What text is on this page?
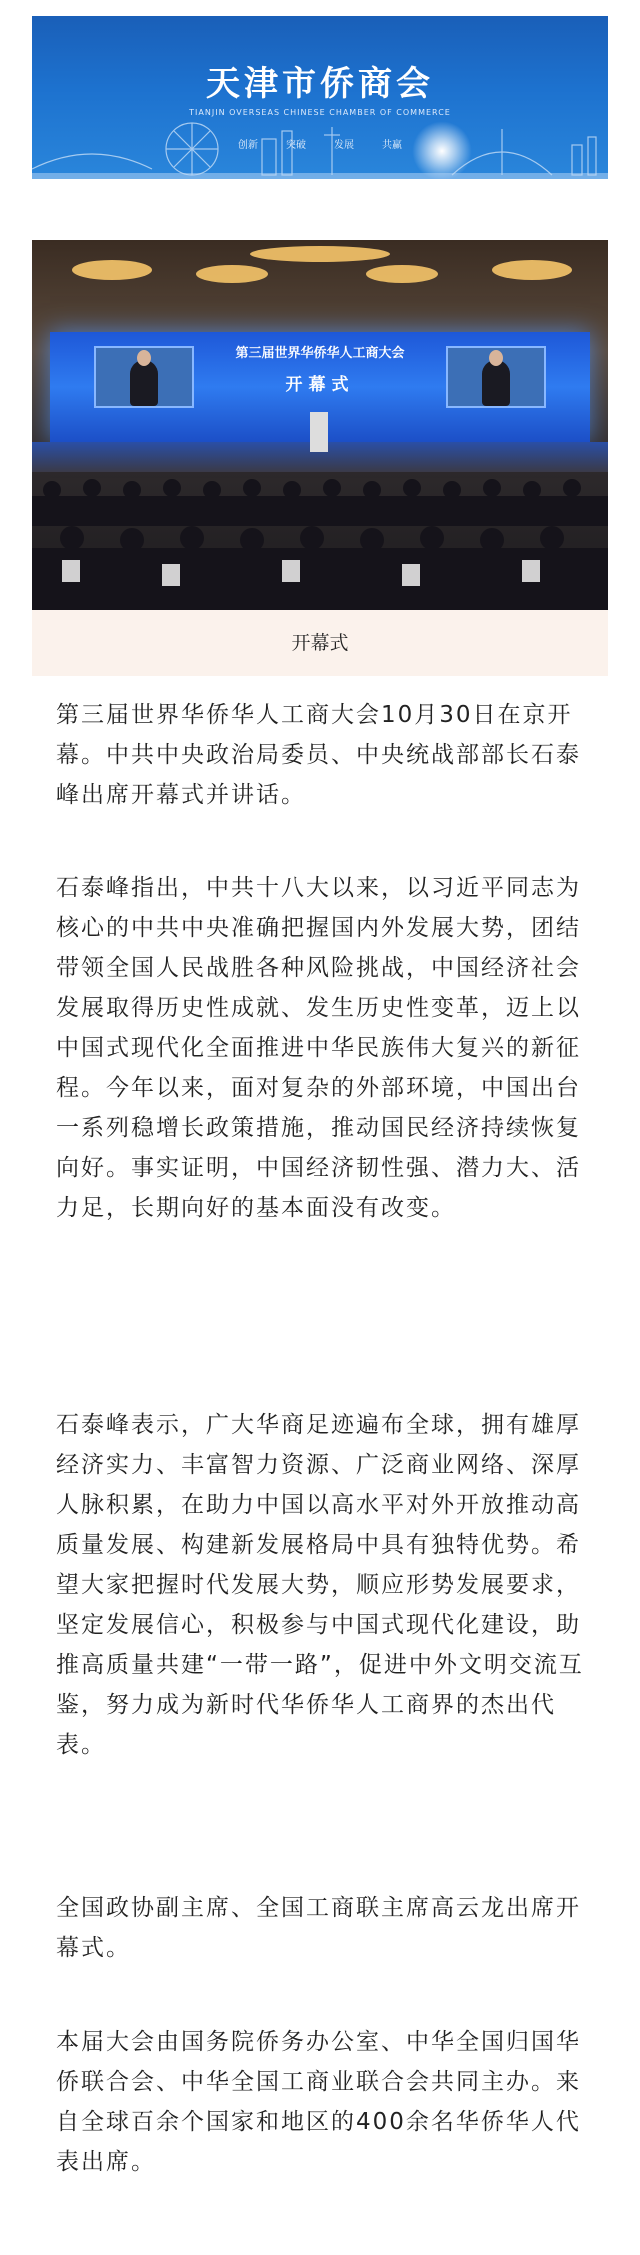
天津市侨商会
TIANJIN OVERSEAS CHINESE CHAMBER OF COMMERCE
创新	突破	发展	共赢
第三届世界华侨华人工商大会
开幕式
开幕式

第三届世界华侨华人工商大会10月30日在京开幕。中共中央政治局委员、中央统战部部长石泰峰出席开幕式并讲话。

石泰峰指出，中共十八大以来，以习近平同志为核心的中共中央准确把握国内外发展大势，团结带领全国人民战胜各种风险挑战，中国经济社会发展取得历史性成就、发生历史性变革，迈上以中国式现代化全面推进中华民族伟大复兴的新征程。今年以来，面对复杂的外部环境，中国出台一系列稳增长政策措施，推动国民经济持续恢复向好。事实证明，中国经济韧性强、潜力大、活力足，长期向好的基本面没有改变。

石泰峰表示，广大华商足迹遍布全球，拥有雄厚经济实力、丰富智力资源、广泛商业网络、深厚人脉积累，在助力中国以高水平对外开放推动高质量发展、构建新发展格局中具有独特优势。希望大家把握时代发展大势，顺应形势发展要求，坚定发展信心，积极参与中国式现代化建设，助推高质量共建“一带一路”，促进中外文明交流互鉴，努力成为新时代华侨华人工商界的杰出代表。

全国政协副主席、全国工商联主席高云龙出席开幕式。

本届大会由国务院侨务办公室、中华全国归国华侨联合会、中华全国工商业联合会共同主办。来自全球百余个国家和地区的400余名华侨华人代表出席。
